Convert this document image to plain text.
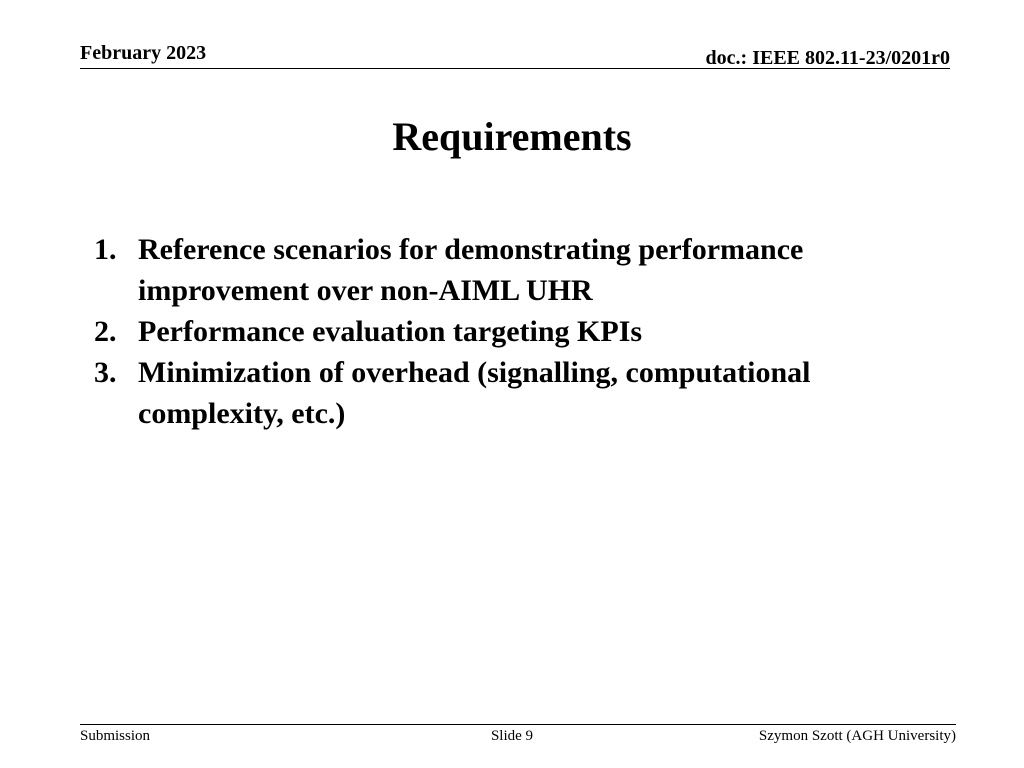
February 2023	doc.: IEEE 802.11-23/0201r0
Requirements
1. Reference scenarios for demonstrating performance improvement over non-AIML UHR
2. Performance evaluation targeting KPIs
3. Minimization of overhead (signalling, computational complexity, etc.)
Submission	Slide 9	Szymon Szott (AGH University)
